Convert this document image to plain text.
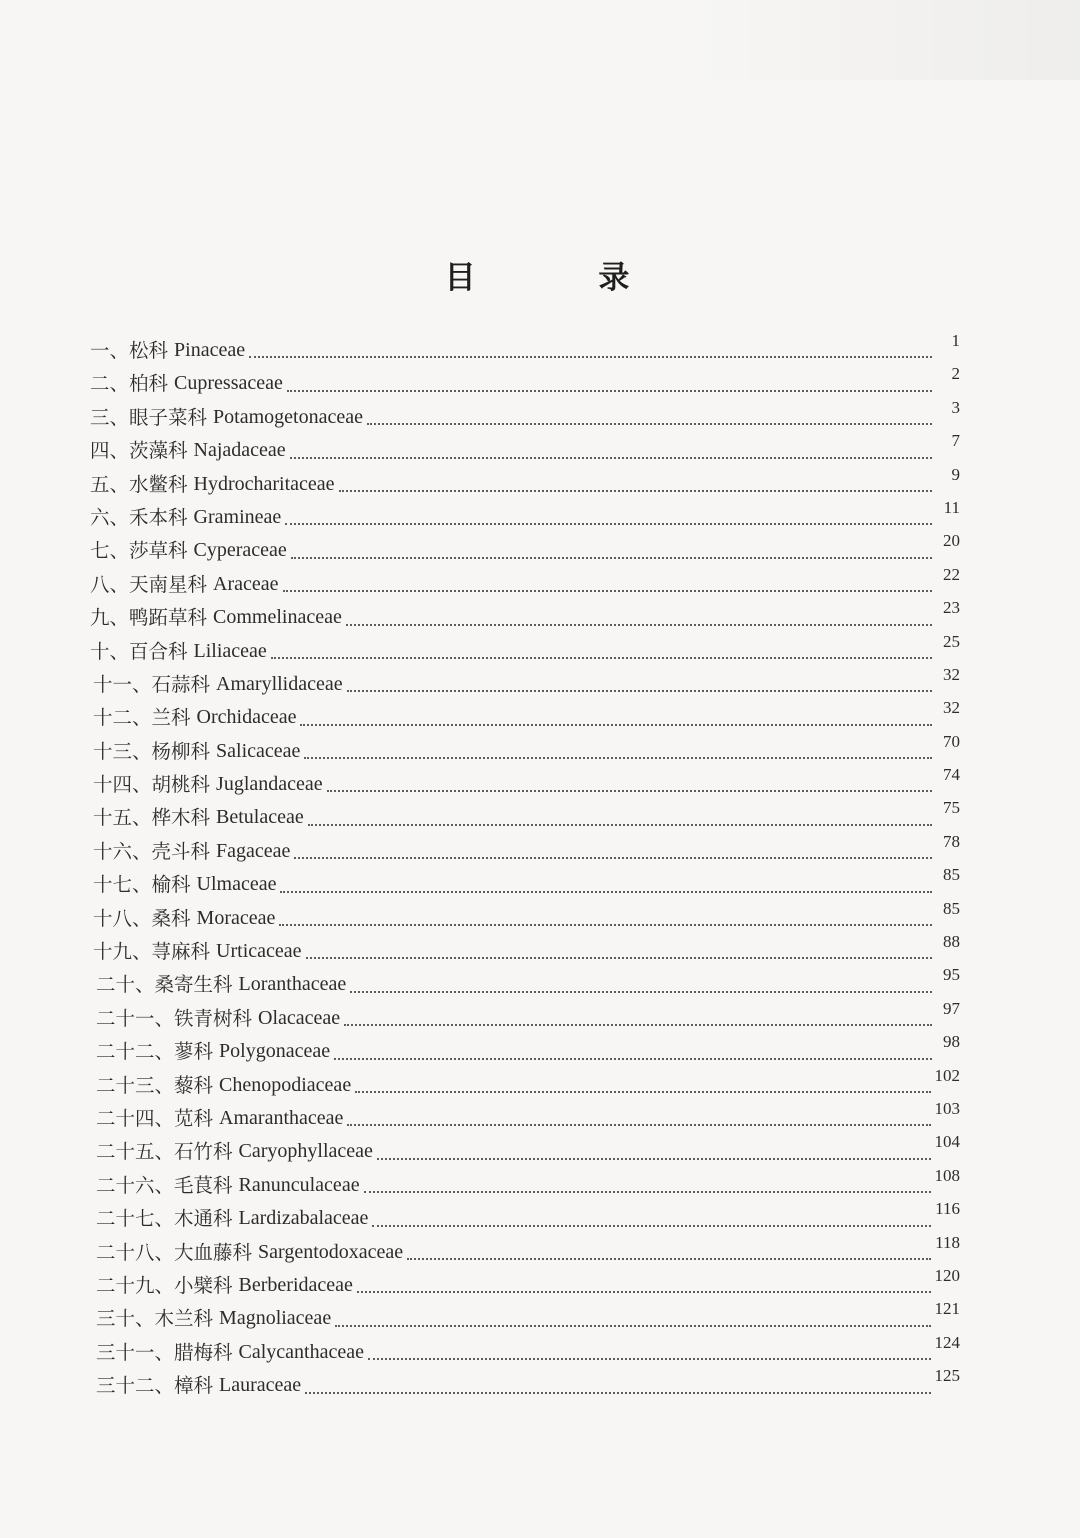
目 录
一、 松科 Pinaceae	1
二、 柏科 Cupressaceae	2
三、 眼子菜科 Potamogetonaceae	3
四、 茨藻科 Najadaceae	7
五、 水鳖科 Hydrocharitaceae	9
六、 禾本科 Gramineae	11
七、 莎草科 Cyperaceae	20
八、 天南星科 Araceae	22
九、 鸭跖草科 Commelinaceae	23
十、 百合科 Liliaceae	25
十一、 石蒜科 Amaryllidaceae	32
十二、 兰科 Orchidaceae	32
十三、 杨柳科 Salicaceae	70
十四、 胡桃科 Juglandaceae	74
十五、 桦木科 Betulaceae	75
十六、 壳斗科 Fagaceae	78
十七、 榆科 Ulmaceae	85
十八、 桑科 Moraceae	85
十九、 荨麻科 Urticaceae	88
二十、 桑寄生科 Loranthaceae	95
二十一、 铁青树科 Olacaceae	97
二十二、 蓼科 Polygonaceae	98
二十三、 藜科 Chenopodiaceae	102
二十四、 苋科 Amaranthaceae	103
二十五、 石竹科 Caryophyllaceae	104
二十六、 毛茛科 Ranunculaceae	108
二十七、 木通科 Lardizabalaceae	116
二十八、 大血藤科 Sargentodoxaceae	118
二十九、 小檗科 Berberidaceae	120
三十、 木兰科 Magnoliaceae	121
三十一、 腊梅科 Calycanthaceae	124
三十二、 樟科 Lauraceae	125
